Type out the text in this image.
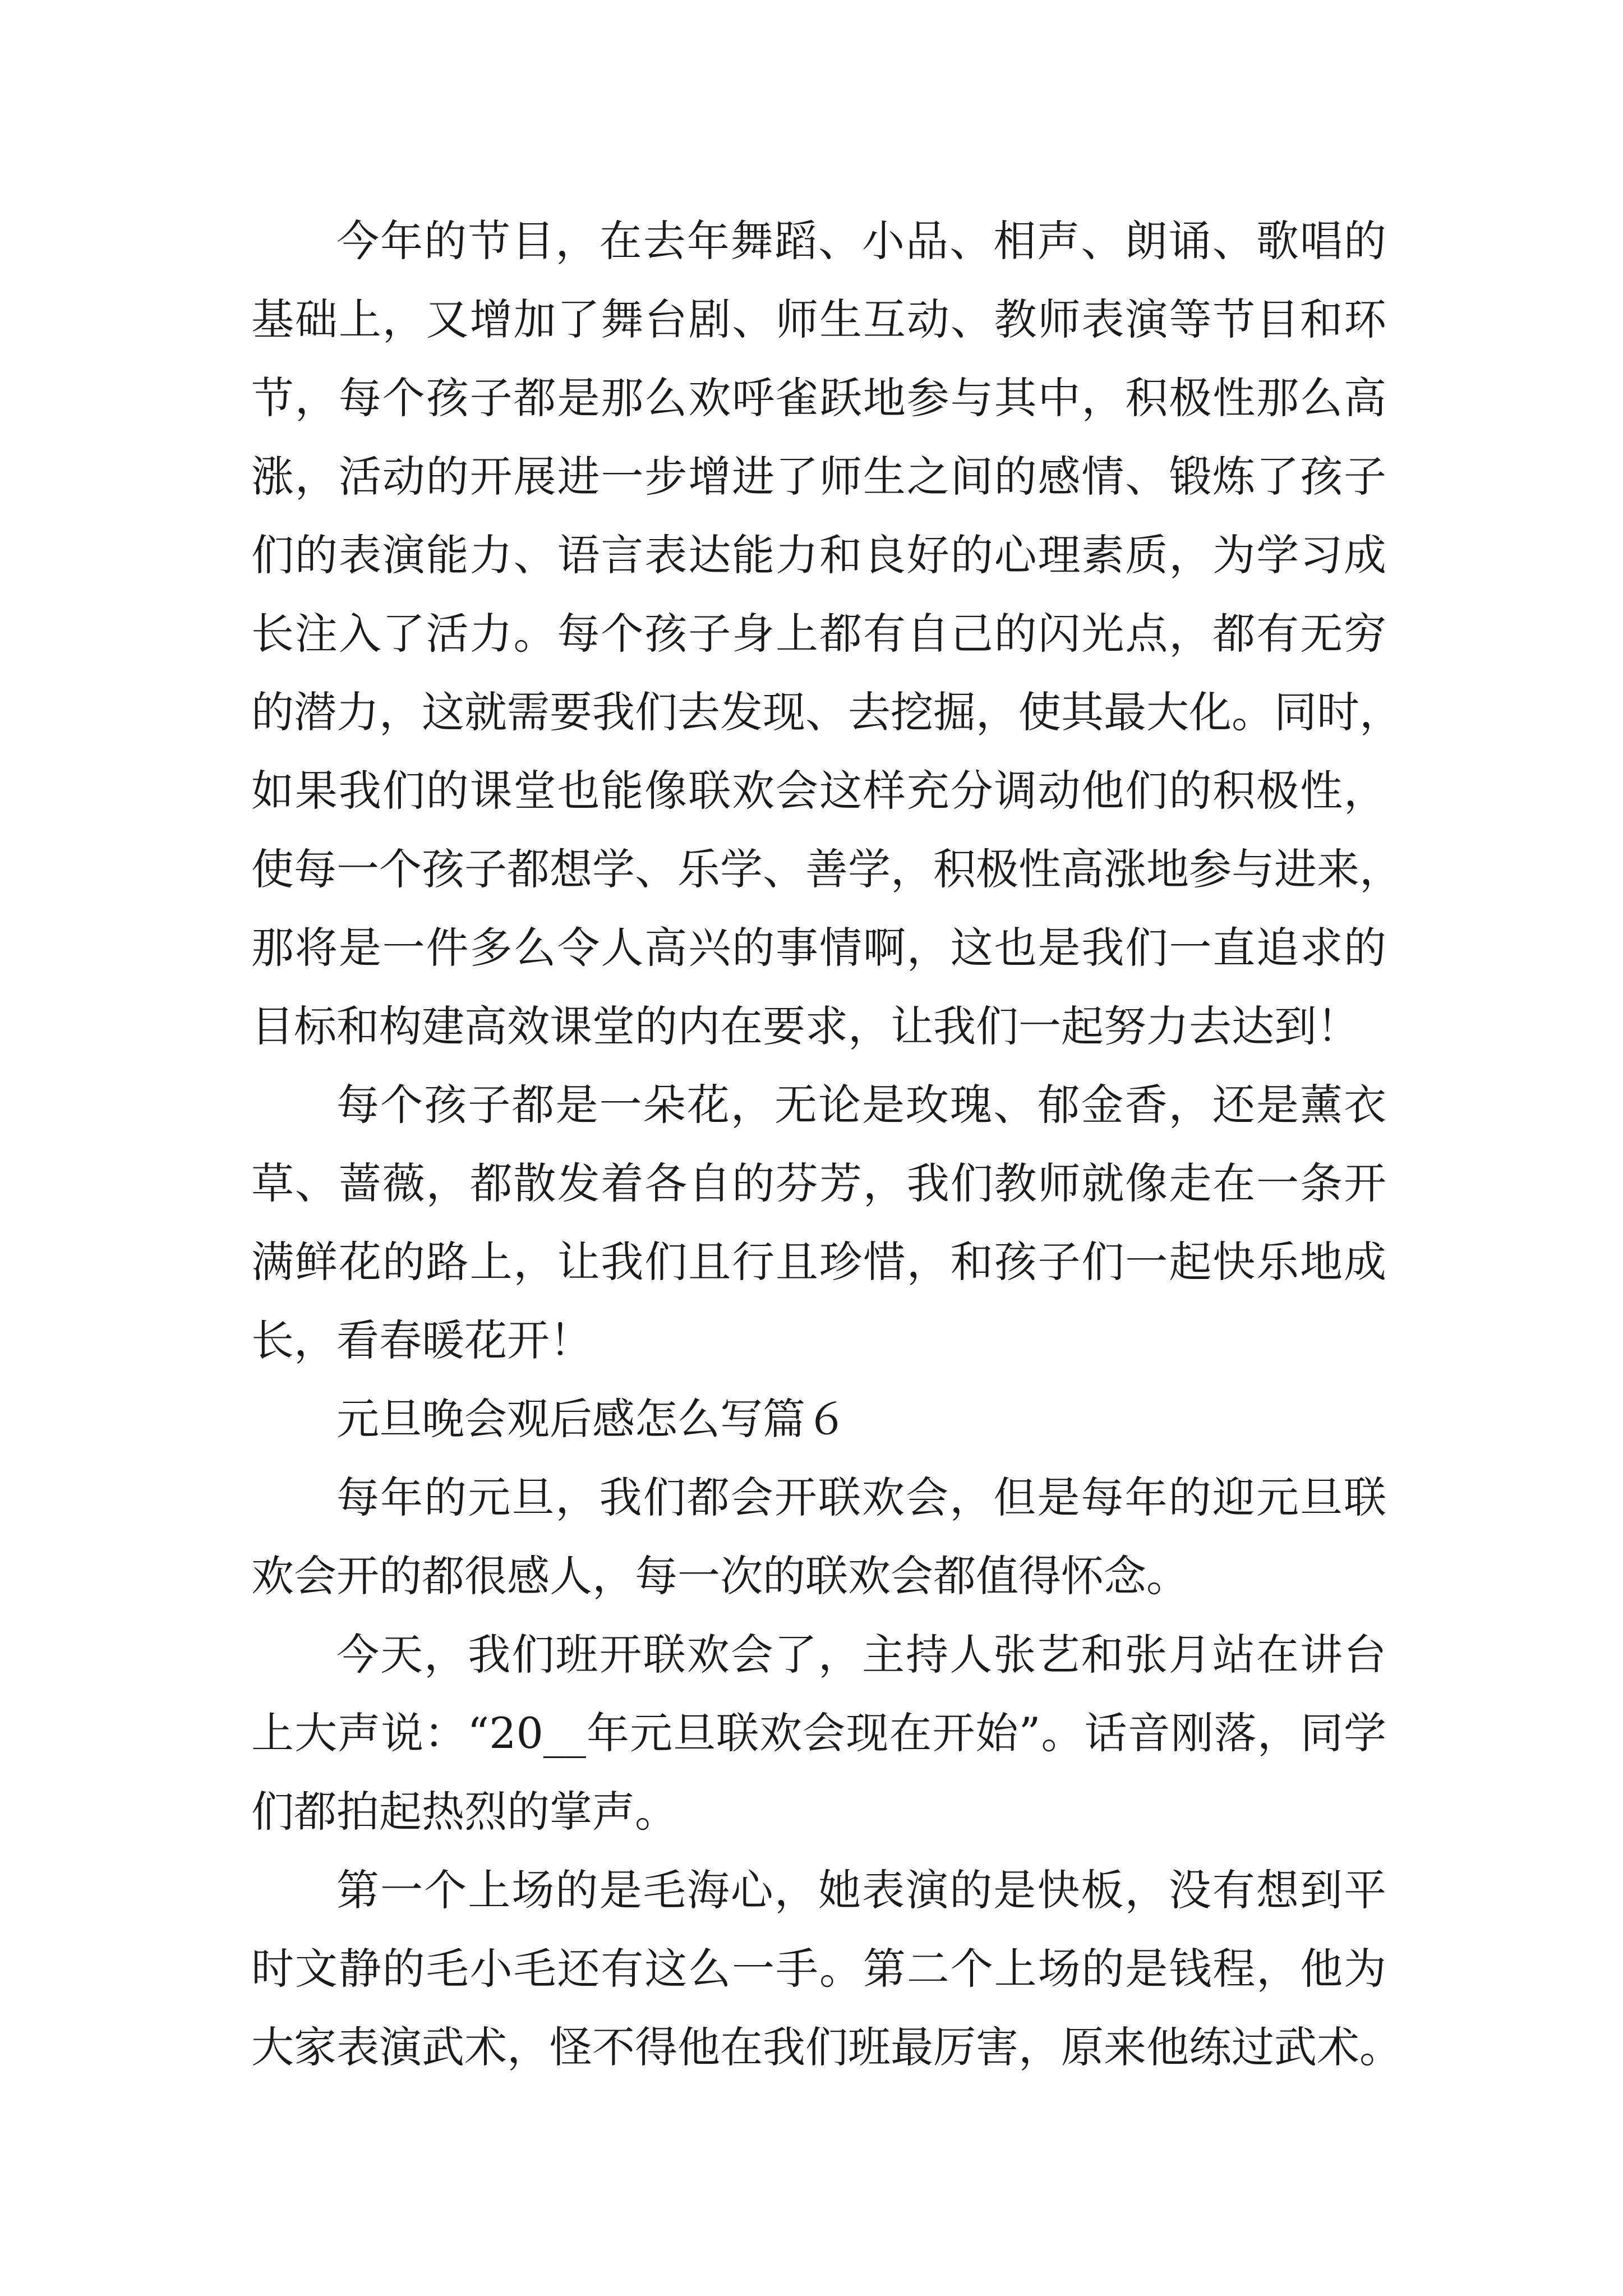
今年的节目，在去年舞蹈、小品、相声、朗诵、歌唱的

基础上，又增加了舞台剧、师生互动、教师表演等节目和环

节，每个孩子都是那么欢呼雀跃地参与其中，积极性那么高

涨，活动的开展进一步增进了师生之间的感情、锻炼了孩子

们的表演能力、语言表达能力和良好的心理素质，为学习成

长注入了活力。每个孩子身上都有自己的闪光点，都有无穷

的潜力，这就需要我们去发现、去挖掘，使其最大化。同时，

如果我们的课堂也能像联欢会这样充分调动他们的积极性，

使每一个孩子都想学、乐学、善学，积极性高涨地参与进来，

那将是一件多么令人高兴的事情啊，这也是我们一直追求的

目标和构建高效课堂的内在要求，让我们一起努力去达到！

每个孩子都是一朵花，无论是玫瑰、郁金香，还是薰衣

草、蔷薇，都散发着各自的芬芳，我们教师就像走在一条开

满鲜花的路上，让我们且行且珍惜，和孩子们一起快乐地成

长，看春暖花开！

元旦晚会观后感怎么写篇６

每年的元旦，我们都会开联欢会，但是每年的迎元旦联

欢会开的都很感人，每一次的联欢会都值得怀念。

今天，我们班开联欢会了，主持人张艺和张月站在讲台

上大声说：“20__年元旦联欢会现在开始”。话音刚落，同学

们都拍起热烈的掌声。

第一个上场的是毛海心，她表演的是快板，没有想到平

时文静的毛小毛还有这么一手。第二个上场的是钱程，他为

大家表演武术，怪不得他在我们班最厉害，原来他练过武术。
